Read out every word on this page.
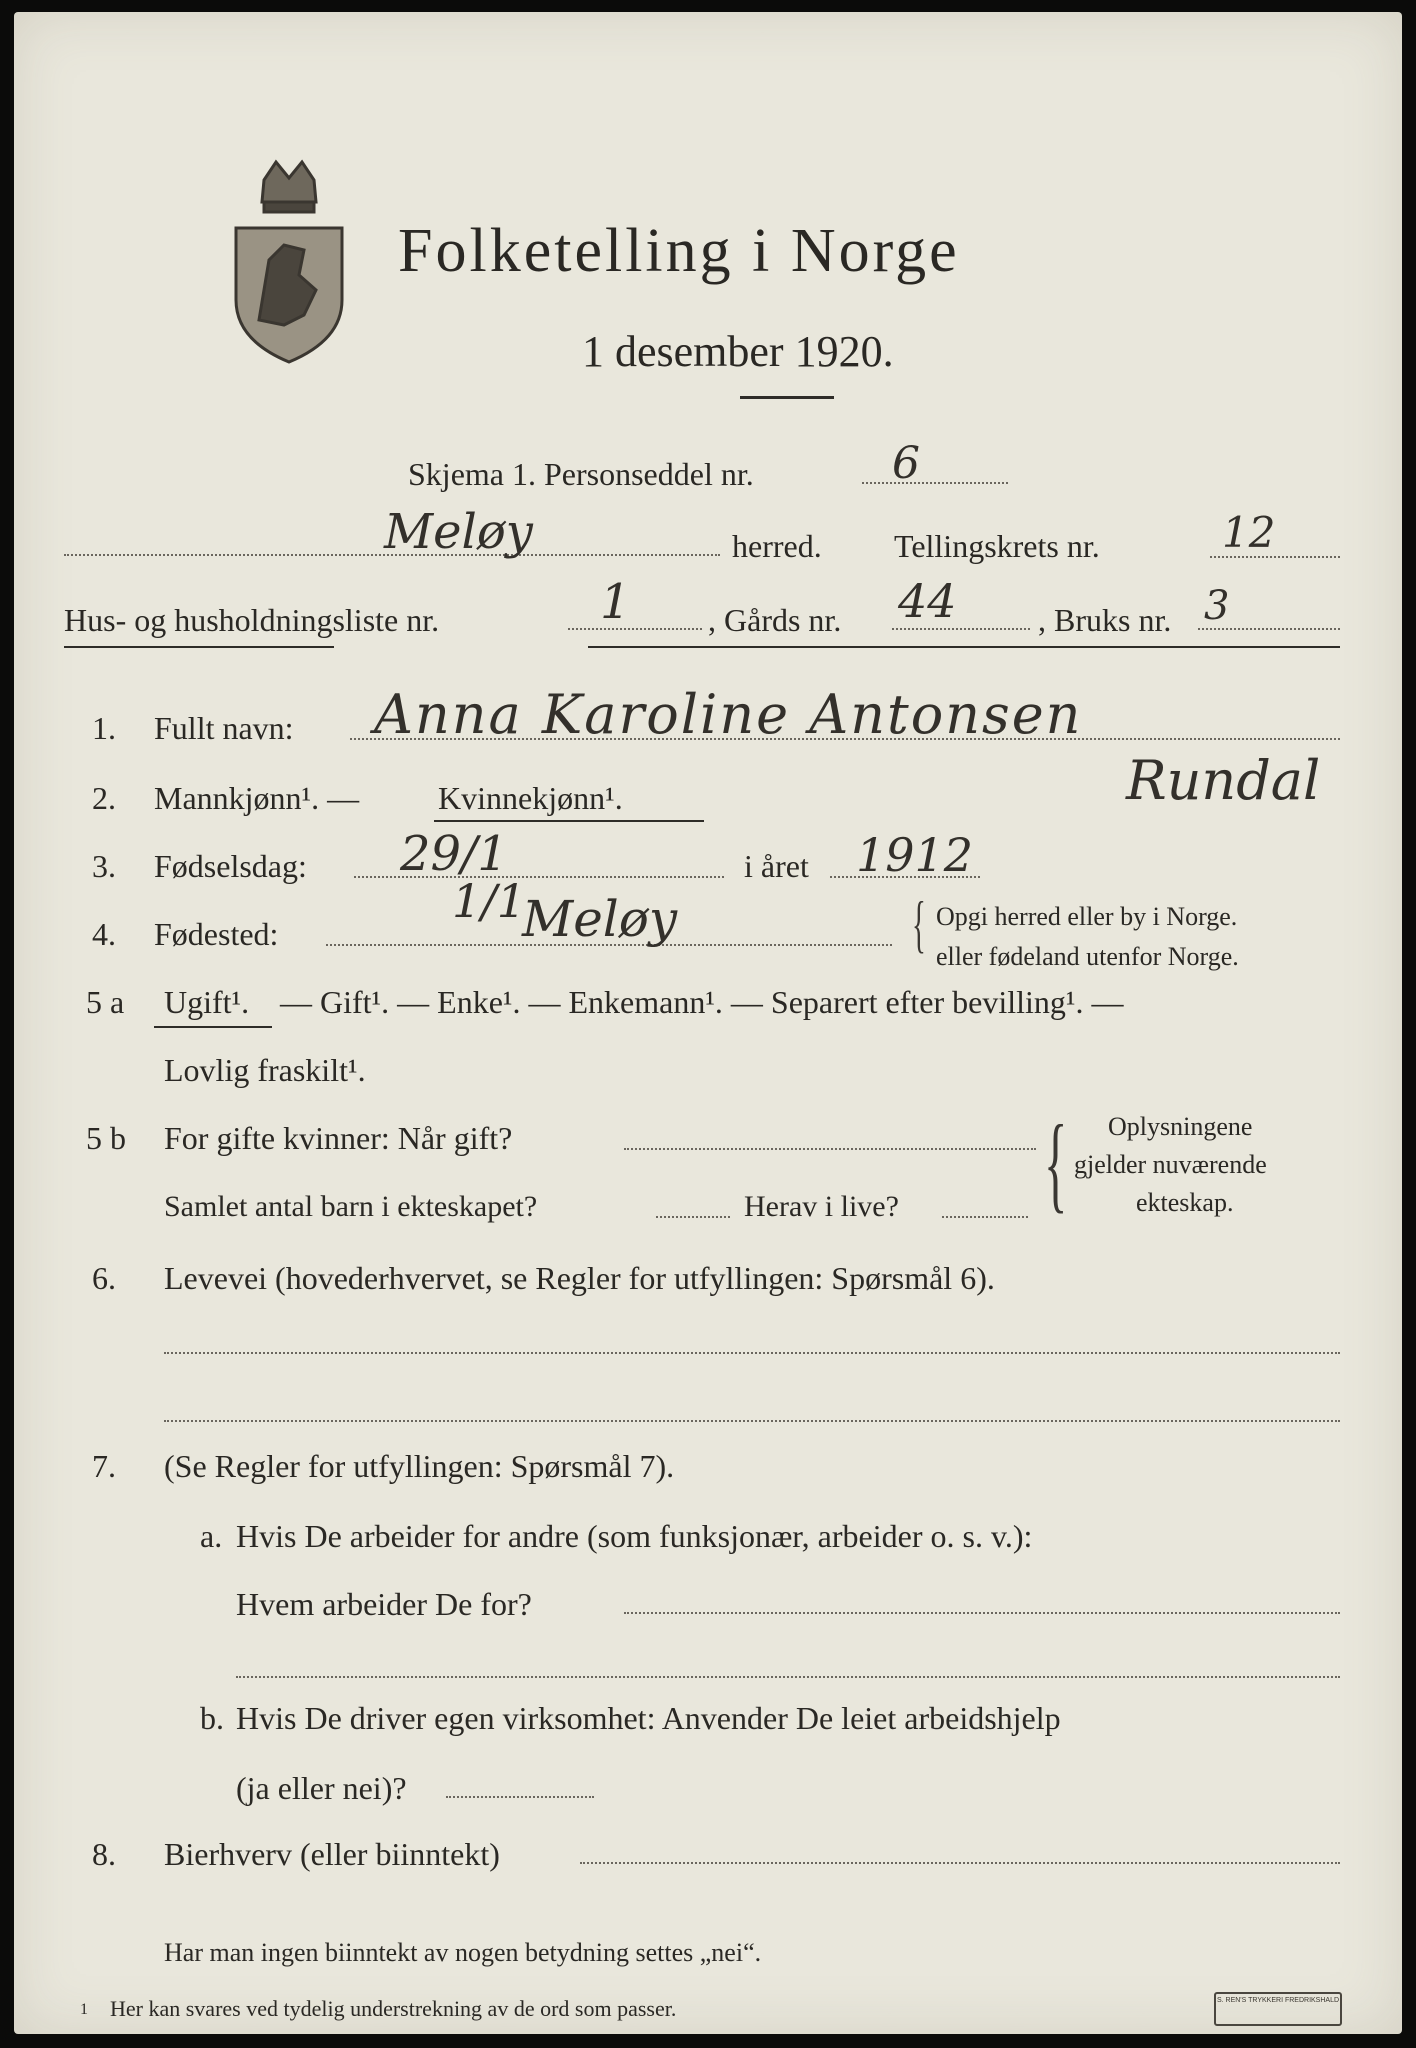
Folketelling i Norge
1 desember 1920.
Skjema 1. Personseddel nr.	6
Meløy	herred. Tellingskrets nr.	12
Hus- og husholdningsliste nr.	1 , Gårds nr. 44	, Bruks nr. 3
1. Fullt navn: Anna Karoline Antonsen
Rundal
2. Mannkjønn¹. — Kvinnekjønn¹.
3. Fødselsdag: 29/1	i året 1912
4. Fødested:
1/1
Meløy	{ Opgi herred eller by i Norge.
eller fødeland utenfor Norge.
5 a Ugift¹. — Gift¹. — Enke¹. — Enkemann¹. — Separert efter bevilling¹. —
Lovlig fraskilt¹.
5 b For gifte kvinner: Når gift?
Samlet antal barn i ekteskapet?	Herav i live? { Oplysningene
gjelder nuværende
ekteskap.
6. Levevei (hovederhvervet, se Regler for utfyllingen: Spørsmål 6).
7. (Se Regler for utfyllingen: Spørsmål 7).
a. Hvis De arbeider for andre (som funksjonær, arbeider o. s. v.):
Hvem arbeider De for?
b. Hvis De driver egen virksomhet: Anvender De leiet arbeidshjelp
(ja eller nei)?
8. Bierhverv (eller biinntekt)
Har man ingen biinntekt av nogen betydning settes „nei“.
1 Her kan svares ved tydelig understrekning av de ord som passer.	S. REN'S TRYKKERI FREDRIKSHALD
